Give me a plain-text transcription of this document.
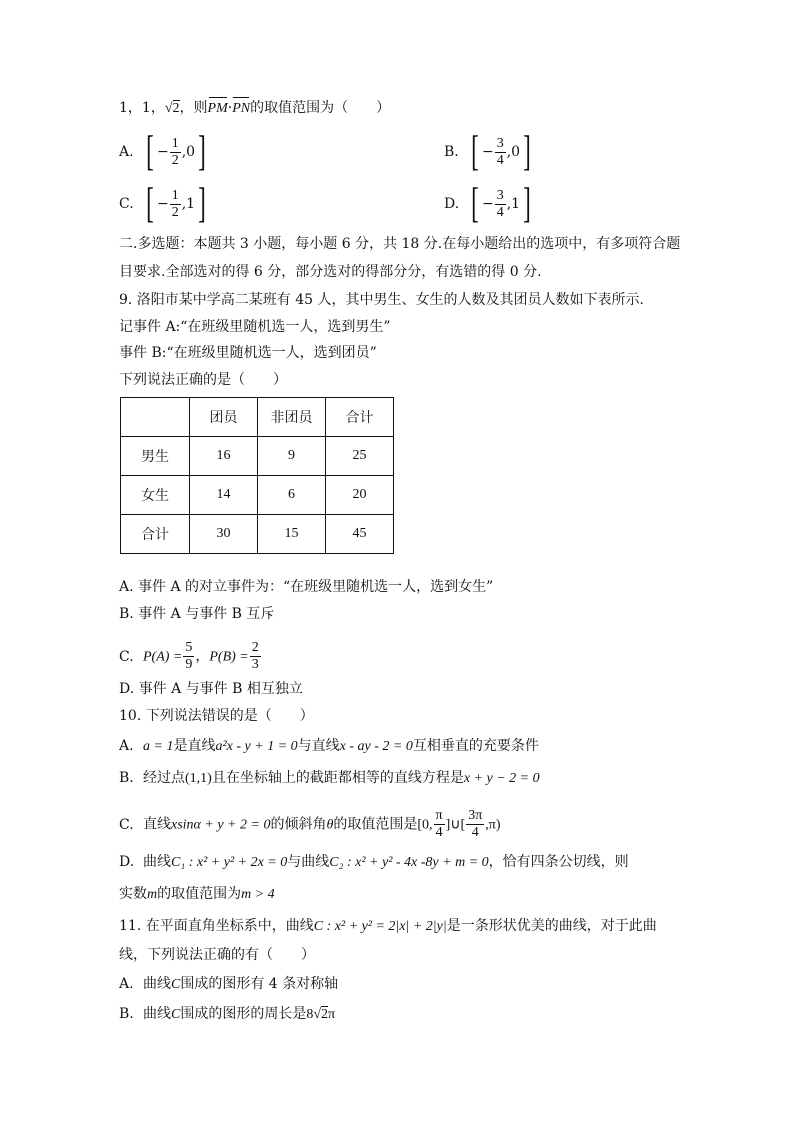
1，1，√2，则PM·PN的取值范围为（　　）
A. [ − $\frac{1}{2} ,0$]	B. [ − $\frac{3}{4} ,0$]
C. [ − $\frac{1}{2} ,1$]	D. [ − $\frac{3}{4} ,1$]
二.多选题：本题共 3 小题，每小题 6 分，共 18 分.在每小题给出的选项中，有多项符合题
目要求.全部选对的得 6 分，部分选对的得部分分，有选错的得 0 分.
9. 洛阳市某中学高二某班有 45 人，其中男生、女生的人数及其团员人数如下表所示.
记事件 A:“在班级里随机选一人，选到男生”
事件 B:“在班级里随机选一人，选到团员”
下列说法正确的是（　　）
	团员	非团员	合计
男生	16	9	25
女生	14	6	20
合计	30	15	45
A. 事件 A 的对立事件为：“在班级里随机选一人，选到女生”
B. 事件 A 与事件 B 互斥
C. $P(A) = \frac{5}{9}$ ，$P(B) = \frac{2}{3}$
D. 事件 A 与事件 B 相互独立
10. 下列说法错误的是（　　）
A. a = 1是直线a²x - y + 1 = 0与直线x - ay - 2 = 0互相垂直的充要条件
B. 经过点(1,1)且在坐标轴上的截距都相等的直线方程是x + y − 2 = 0
C. 直线xsinα + y + 2 = 0的倾斜角θ的取值范围是[0, $\frac{\pi}{4}$ ]∪[ $\frac{3\pi}{4} ,\pi$)
D. 曲线C₁ : x² + y² + 2x = 0与曲线C₂ : x² + y² - 4x -8y + m = 0，恰有四条公切线，则
实数m的取值范围为m > 4
11. 在平面直角坐标系中，曲线C : x² + y² = 2|x| + 2|y|是一条形状优美的曲线，对于此曲
线，下列说法正确的有（　　）
A. 曲线C围成的图形有 4 条对称轴
B. 曲线C围成的图形的周长是8√2π
